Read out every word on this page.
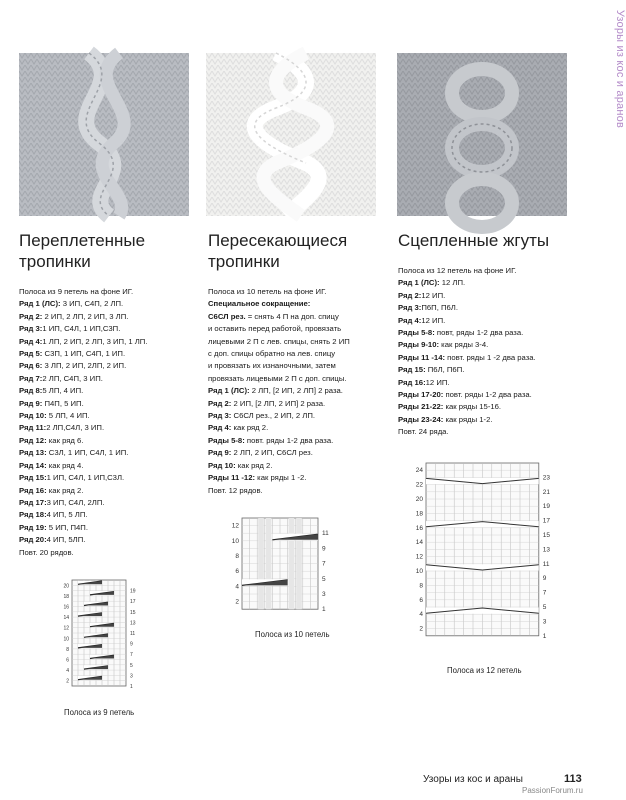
Узоры из кос и аранов
Переплетенные
тропинки
Полоса из 9 петель на фоне ИГ.
Ряд 1 (ЛС): 3 ИП, С4П, 2 ЛП.
Ряд 2: 2 ИП, 2 ЛП, 2 ИП, 3 ЛП.
Ряд 3:1 ИП, С4Л, 1 ИП,С3П.
Ряд 4:1 ЛП, 2 ИП, 2 ЛП, 3 ИП, 1 ЛП.
Ряд 5: С3П, 1 ИП, С4П, 1 ИП.
Ряд 6: 3 ЛП, 2 ИП, 2ЛП, 2 ИП.
Ряд 7:2 ЛП, С4П, 3 ИП.
Ряд 8:5 ЛП, 4 ИП.
Ряд 9: П4П, 5 ИП.
Ряд 10: 5 ЛП, 4 ИП.
Ряд 11:2 ЛП,С4Л, 3 ИП.
Ряд 12: как ряд 6.
Ряд 13: С3Л, 1 ИП, С4Л, 1 ИП.
Ряд 14: как ряд 4.
Ряд 15:1 ИП, С4Л, 1 ИП,С3Л.
Ряд 16: как ряд 2.
Ряд 17:3 ИП, С4Л, 2ЛП.
Ряд 18:4 ИП, 5 ЛП.
Ряд 19: 5 ИП, П4П.
Ряд 20:4 ИП, 5ЛП.
Повт. 20 рядов.
Пересекающиеся
тропинки
Полоса из 10 петель на фоне ИГ.
Специальное сокращение:
С6СЛ рез. = снять 4 П на доп. спицу
и оставить перед работой, провязать
лицевыми 2 П с лев. спицы, снять 2 ИП
с доп. спицы обратно на лев. спицу
и провязать их изнаночными, затем
провязать лицевыми 2 П с доп. спицы.
Ряд 1 (ЛС): 2 ЛП, [2 ИП, 2 ЛП] 2 раза.
Ряд 2: 2 ИП, [2 ЛП, 2 ИП] 2 раза.
Ряд 3: С6СЛ рез., 2 ИП, 2 ЛП.
Ряд 4: как ряд 2.
Ряды 5-8: повт. ряды 1-2 два раза.
Ряд 9: 2 ЛП, 2 ИП, С6СЛ рез.
Ряд 10: как ряд 2.
Ряды 11 -12: как ряды 1 -2.
Повт. 12 рядов.
Сцепленные жгуты
Полоса из 12 петель на фоне ИГ.
Ряд 1 (ЛС): 12 ЛП.
Ряд 2:12 ИП.
Ряд 3:П6П, П6Л.
Ряд 4:12 ИП.
Ряды 5-8: повт, ряды 1-2 два раза.
Ряды 9-10: как ряды 3-4.
Ряды 11 -14: повт. ряды 1 -2 два раза.
Ряд 15: П6Л, П6П.
Ряд 16:12 ИП.
Ряды 17-20: повт. ряды 1-2 два раза.
Ряды 21-22: как ряды 15-16.
Ряды 23-24: как ряды 1-2.
Повт. 24 ряда.
20
18
16
14
12
10
8
6
4
2
19
17
15
13
11
9
7
5
3
1
Полоса из 9 петель
12
10
8
6
4
2
11
9
7
5
3
1
Полоса из 10 петель
24
22
20
18
16
14
12
10
8
6
4
2
23
21
19
17
15
13
11
9
7
5
3
1
Полоса из 12 петель
Узоры из кос и араны	113
PassionForum.ru
